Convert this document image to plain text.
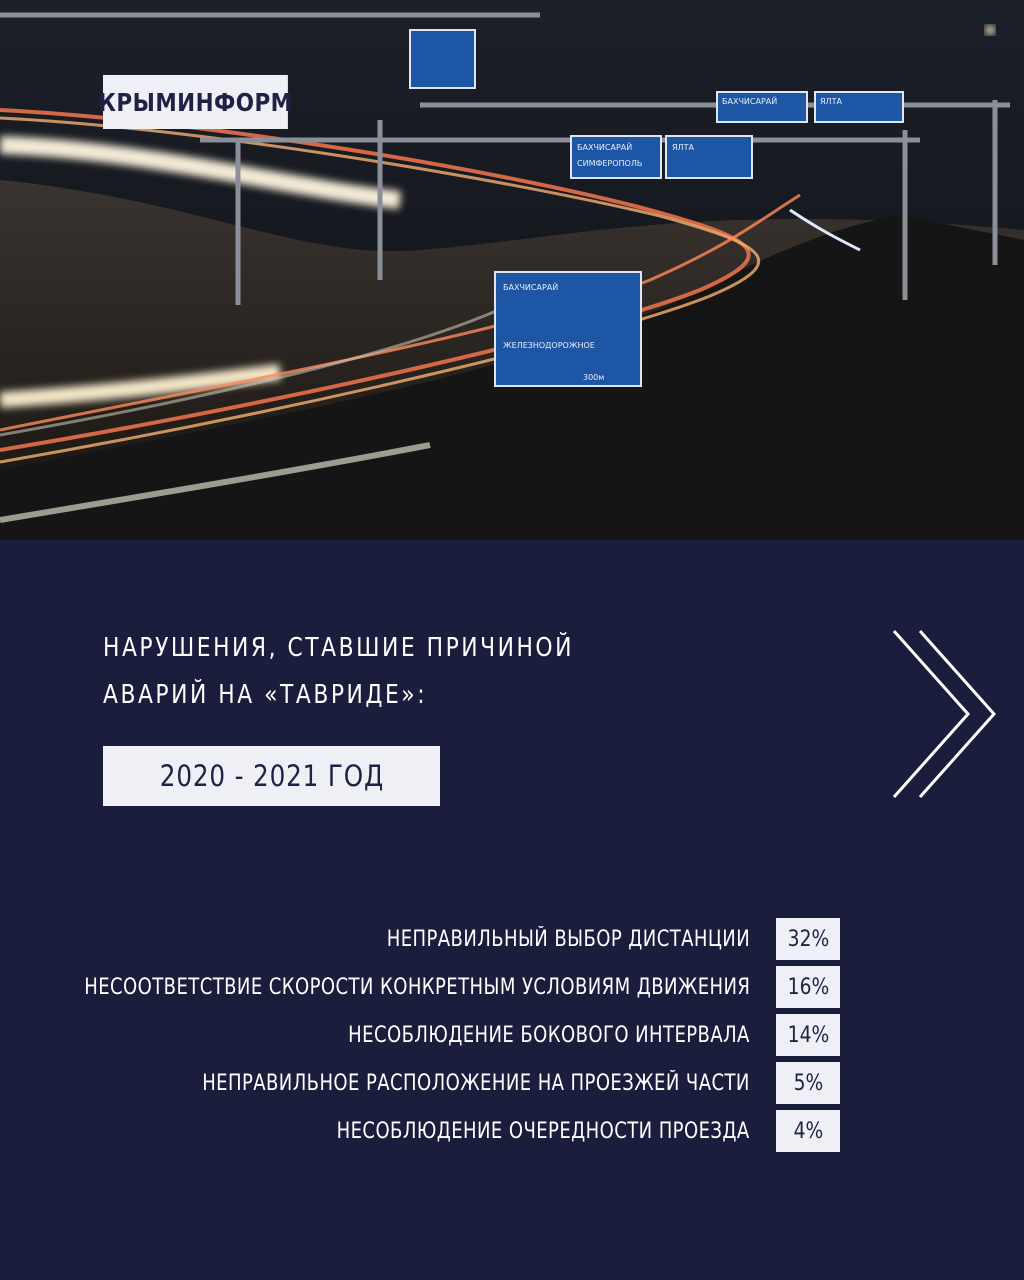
БАХЧИСАРАЙ
СИМФЕРОПОЛЬ
ЯЛТА
БАХЧИСАРАЙ	ЯЛТА
БАХЧИСАРАЙ
ЖЕЛЕЗНОДОРОЖНОЕ
300м
КРЫМИНФОРМ
НАРУШЕНИЯ, СТАВШИЕ ПРИЧИНОЙ
АВАРИЙ НА «ТАВРИДЕ»:
2020 - 2021 ГОД
НЕПРАВИЛЬНЫЙ ВЫБОР ДИСТАНЦИИ	32%
НЕСООТВЕТСТВИЕ СКОРОСТИ КОНКРЕТНЫМ УСЛОВИЯМ ДВИЖЕНИЯ	16%
НЕСОБЛЮДЕНИЕ БОКОВОГО ИНТЕРВАЛА	14%
НЕПРАВИЛЬНОЕ РАСПОЛОЖЕНИЕ НА ПРОЕЗЖЕЙ ЧАСТИ	5%
НЕСОБЛЮДЕНИЕ ОЧЕРЕДНОСТИ ПРОЕЗДА	4%
